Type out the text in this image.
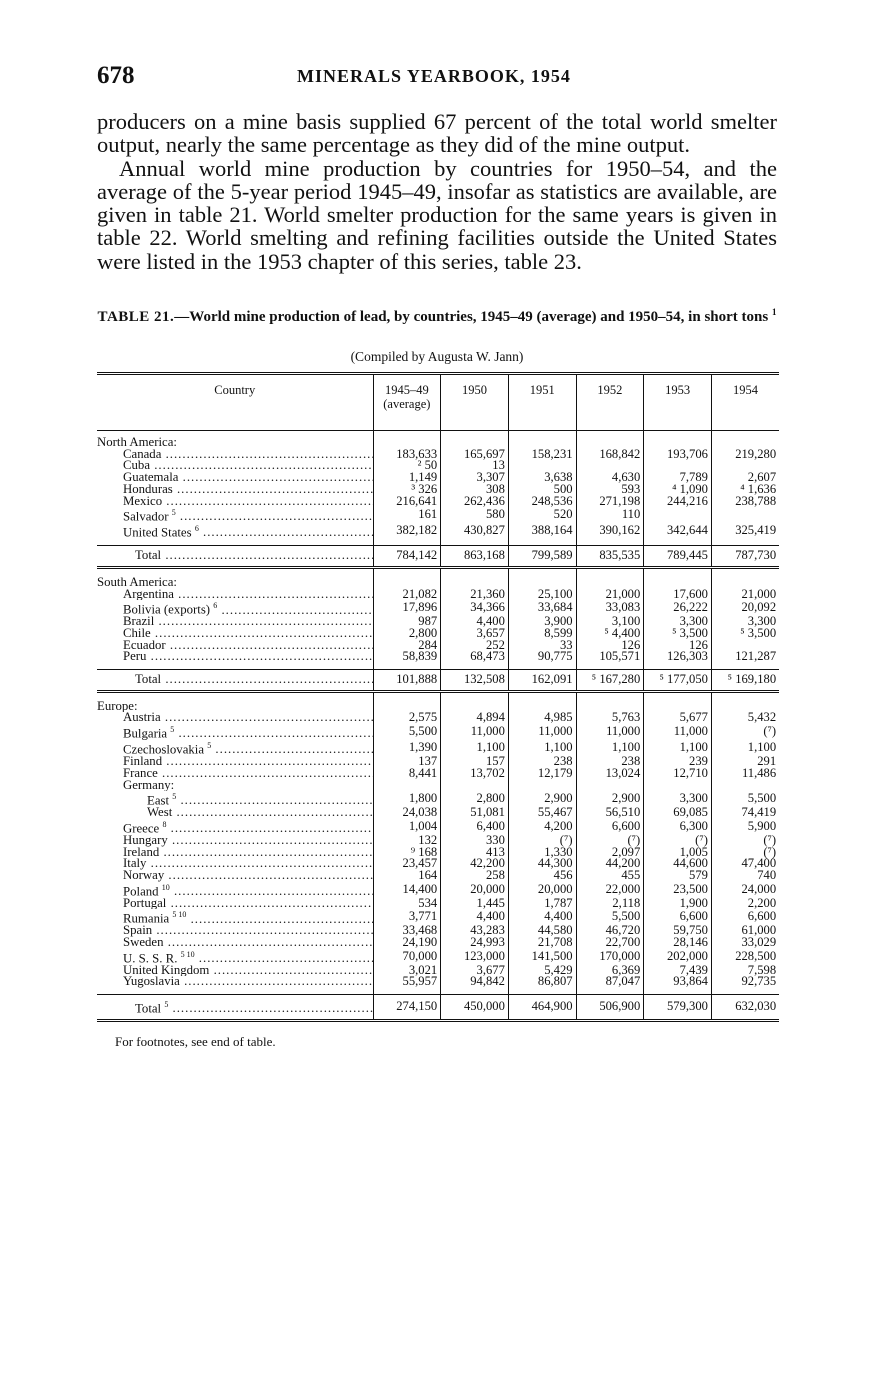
678	MINERALS YEARBOOK, 1954

producers on a mine basis supplied 67 percent of the total world smelter output, nearly the same percentage as they did of the mine output.

Annual world mine production by countries for 1950–54, and the average of the 5-year period 1945–49, insofar as statistics are available, are given in table 21. World smelter production for the same years is given in table 22. World smelting and refining facilities outside the United States were listed in the 1953 chapter of this series, table 23.

TABLE 21.—World mine production of lead, by countries, 1945–49 (average) and 1950–54, in short tons $^1$
(Compiled by Augusta W. Jann)
Country	1945–49 (average)	1950	1951	1952	1953	1954

North America:						
Canada .....	183,633	165,697	158,231	168,842	193,706	219,280
Cuba .....	² 50	13				
Guatemala .....	1,149	3,307	3,638	4,630	7,789	2,607
Honduras .....	³ 326	308	500	593	⁴ 1,090	⁴ 1,636
Mexico .....	216,641	262,436	248,536	271,198	244,216	238,788
Salvador $^5$ .....	161	580	520	110		
United States $^6$ .....	382,182	430,827	388,164	390,162	342,644	325,419

Total .....	784,142	863,168	799,589	835,535	789,445	787,730

South America:						
Argentina .....	21,082	21,360	25,100	21,000	17,600	21,000
Bolivia (exports) $^6$ .....	17,896	34,366	33,684	33,083	26,222	20,092
Brazil .....	987	4,400	3,900	3,100	3,300	3,300
Chile .....	2,800	3,657	8,599	⁵ 4,400	⁵ 3,500	⁵ 3,500
Ecuador .....	284	252	33	126	126	
Peru .....	58,839	68,473	90,775	105,571	126,303	121,287

Total .....	101,888	132,508	162,091	⁵ 167,280	⁵ 177,050	⁵ 169,180

Europe:						
Austria .....	2,575	4,894	4,985	5,763	5,677	5,432
Bulgaria $^5$ .....	5,500	11,000	11,000	11,000	11,000	(⁷)
Czechoslovakia $^5$ .....	1,390	1,100	1,100	1,100	1,100	1,100
Finland .....	137	157	238	238	239	291
France .....	8,441	13,702	12,179	13,024	12,710	11,486
Germany:						
East $^5$ .....	1,800	2,800	2,900	2,900	3,300	5,500
West .....	24,038	51,081	55,467	56,510	69,085	74,419
Greece $^8$ .....	1,004	6,400	4,200	6,600	6,300	5,900
Hungary .....	132	330	(⁷)	(⁷)	(⁷)	(⁷)
Ireland .....	⁹ 168	413	1,330	2,097	1,005	(⁷)
Italy .....	23,457	42,200	44,300	44,200	44,600	47,400
Norway .....	164	258	456	455	579	740
Poland $^{10}$ .....	14,400	20,000	20,000	22,000	23,500	24,000
Portugal .....	534	1,445	1,787	2,118	1,900	2,200
Rumania $^{5 10}$ .....	3,771	4,400	4,400	5,500	6,600	6,600
Spain .....	33,468	43,283	44,580	46,720	59,750	61,000
Sweden .....	24,190	24,993	21,708	22,700	28,146	33,029
U. S. S. R. $^{5 10}$ .....	70,000	123,000	141,500	170,000	202,000	228,500
United Kingdom .....	3,021	3,677	5,429	6,369	7,439	7,598
Yugoslavia .....	55,957	94,842	86,807	87,047	93,864	92,735

Total $^5$ .....	274,150	450,000	464,900	506,900	579,300	632,030
For footnotes, see end of table.
